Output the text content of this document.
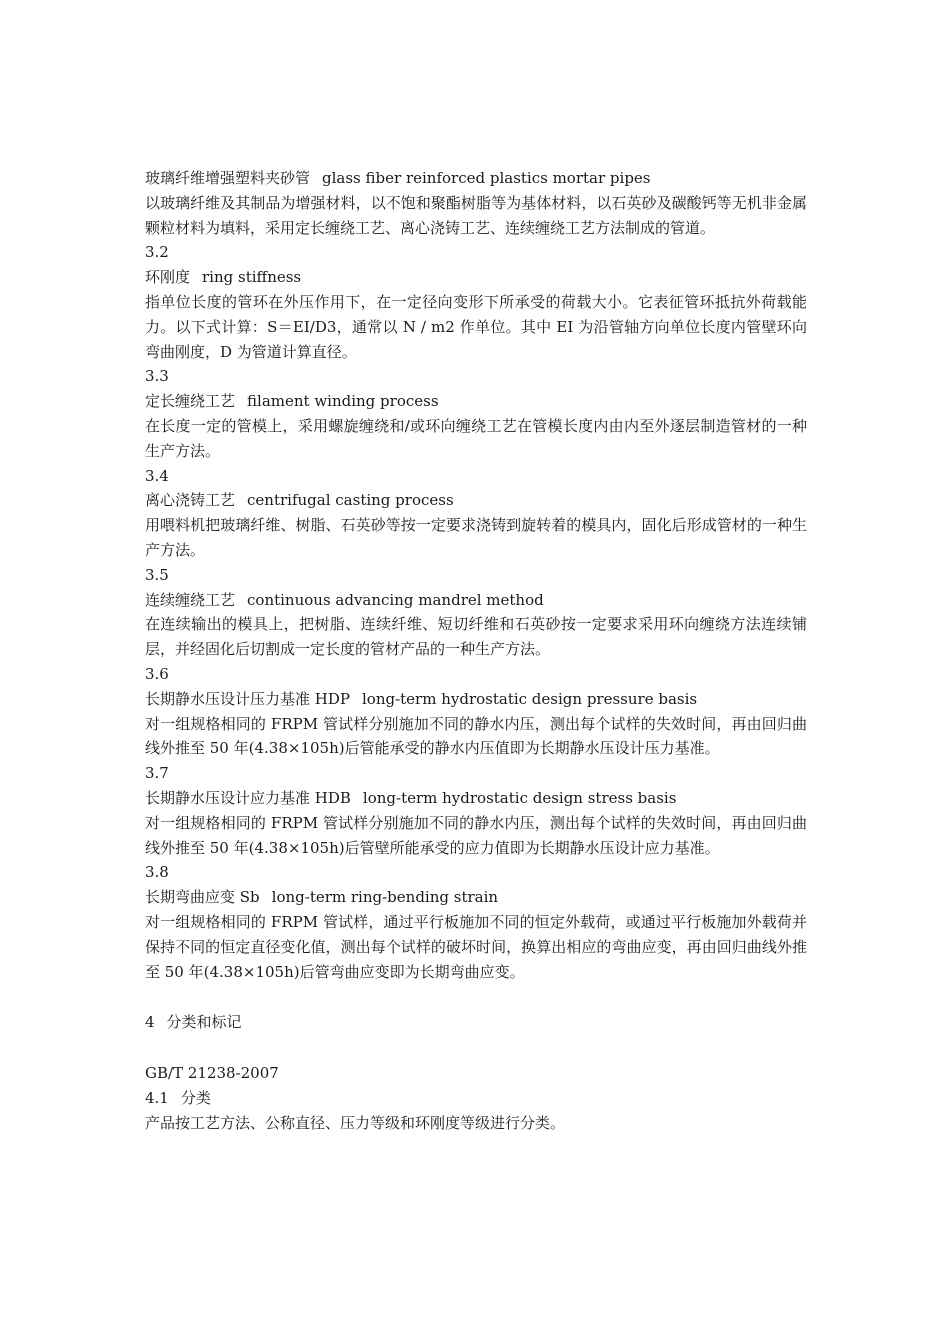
玻璃纤维增强塑料夹砂管 glass fiber reinforced plastics mortar pipes
以玻璃纤维及其制品为增强材料，以不饱和聚酯树脂等为基体材料，以石英砂及碳酸钙等无机非金属颗粒材料为填料，采用定长缠绕工艺、离心浇铸工艺、连续缠绕工艺方法制成的管道。
3.2
环刚度 ring stiffness
指单位长度的管环在外压作用下，在一定径向变形下所承受的荷载大小。它表征管环抵抗外荷载能力。以下式计算：S＝EI/D3，通常以 N / m2 作单位。其中 EI 为沿管轴方向单位长度内管壁环向弯曲刚度，D 为管道计算直径。
3.3
定长缠绕工艺 filament winding process
在长度一定的管模上，采用螺旋缠绕和/或环向缠绕工艺在管模长度内由内至外逐层制造管材的一种生产方法。
3.4
离心浇铸工艺 centrifugal casting process
用喂料机把玻璃纤维、树脂、石英砂等按一定要求浇铸到旋转着的模具内，固化后形成管材的一种生产方法。
3.5
连续缠绕工艺 continuous advancing mandrel method
在连续输出的模具上，把树脂、连续纤维、短切纤维和石英砂按一定要求采用环向缠绕方法连续铺层，并经固化后切割成一定长度的管材产品的一种生产方法。
3.6
长期静水压设计压力基准 HDP long-term hydrostatic design pressure basis
对一组规格相同的 FRPM 管试样分别施加不同的静水内压，测出每个试样的失效时间，再由回归曲线外推至 50 年(4.38×105h)后管能承受的静水内压值即为长期静水压设计压力基准。
3.7
长期静水压设计应力基准 HDB long-term hydrostatic design stress basis
对一组规格相同的 FRPM 管试样分别施加不同的静水内压，测出每个试样的失效时间，再由回归曲线外推至 50 年(4.38×105h)后管壁所能承受的应力值即为长期静水压设计应力基准。
3.8
长期弯曲应变 Sb long-term ring-bending strain
对一组规格相同的 FRPM 管试样，通过平行板施加不同的恒定外载荷，或通过平行板施加外载荷并保持不同的恒定直径变化值，测出每个试样的破坏时间，换算出相应的弯曲应变，再由回归曲线外推至 50 年(4.38×105h)后管弯曲应变即为长期弯曲应变。
4 分类和标记
GB/T 21238-2007
4.1 分类
产品按工艺方法、公称直径、压力等级和环刚度等级进行分类。
